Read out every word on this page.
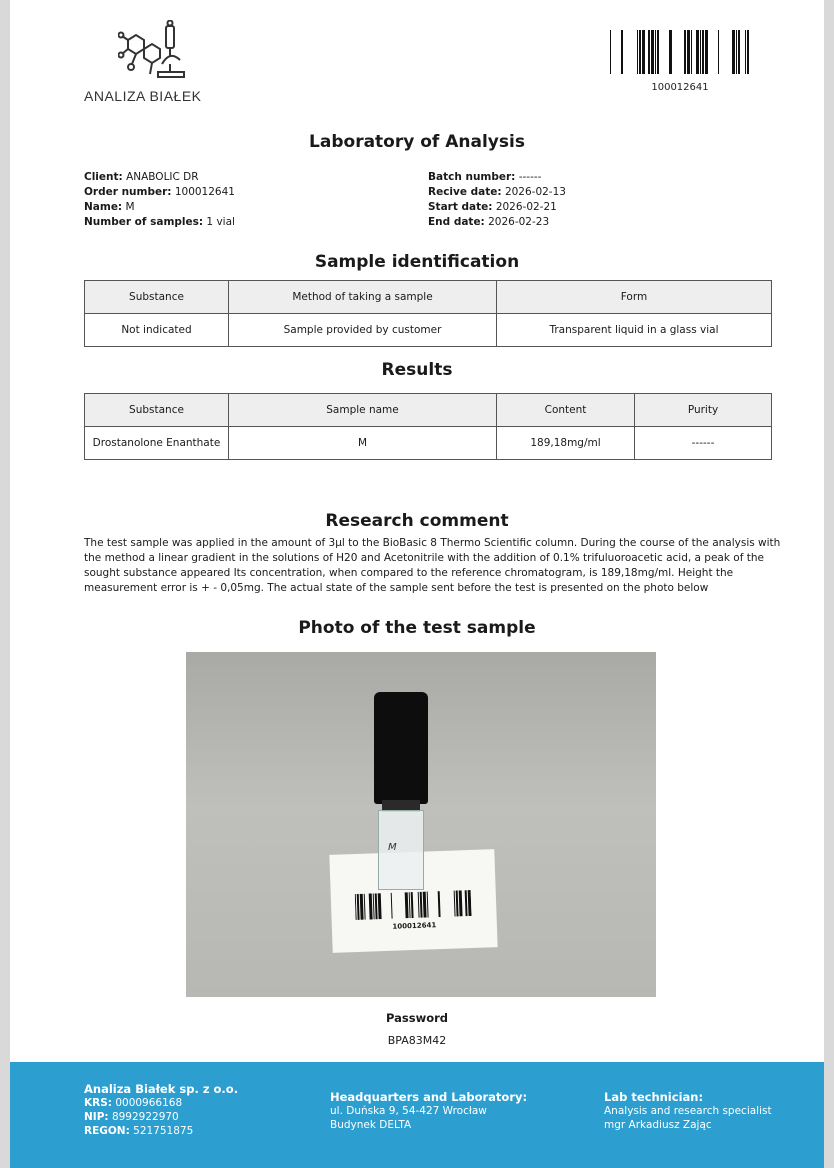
ANALIZA BIAŁEK
100012641
Laboratory of Analysis
Client: ANABOLIC DR
Order number: 100012641
Name: M
Number of samples: 1 vial
Batch number: ------
Recive date: 2026-02-13
Start date: 2026-02-21
End date: 2026-02-23
Sample identification
Substance	Method of taking a sample	Form
Not indicated	Sample provided by customer	Transparent liquid in a glass vial
Results
Substance	Sample name	Content	Purity
Drostanolone Enanthate	M	189,18mg/ml	------
Research comment
The test sample was applied in the amount of 3µl to the BioBasic 8 Thermo Scientific column. During the course of the analysis with the method a linear gradient in the solutions of H20 and Acetonitrile with the addition of 0.1% trifuluoroacetic acid, a peak of the sought substance appeared Its concentration, when compared to the reference chromatogram, is 189,18mg/ml. Height the measurement error is + - 0,05mg. The actual state of the sample sent before the test is presented on the photo below
Photo of the test sample
100012641
M
Password
BPA83M42
Analiza Białek sp. z o.o.
KRS: 0000966168
NIP: 8992922970
REGON: 521751875
Headquarters and Laboratory:
ul. Duńska 9, 54-427 Wrocław
Budynek DELTA
Lab technician:
Analysis and research specialist
mgr Arkadiusz Zając
